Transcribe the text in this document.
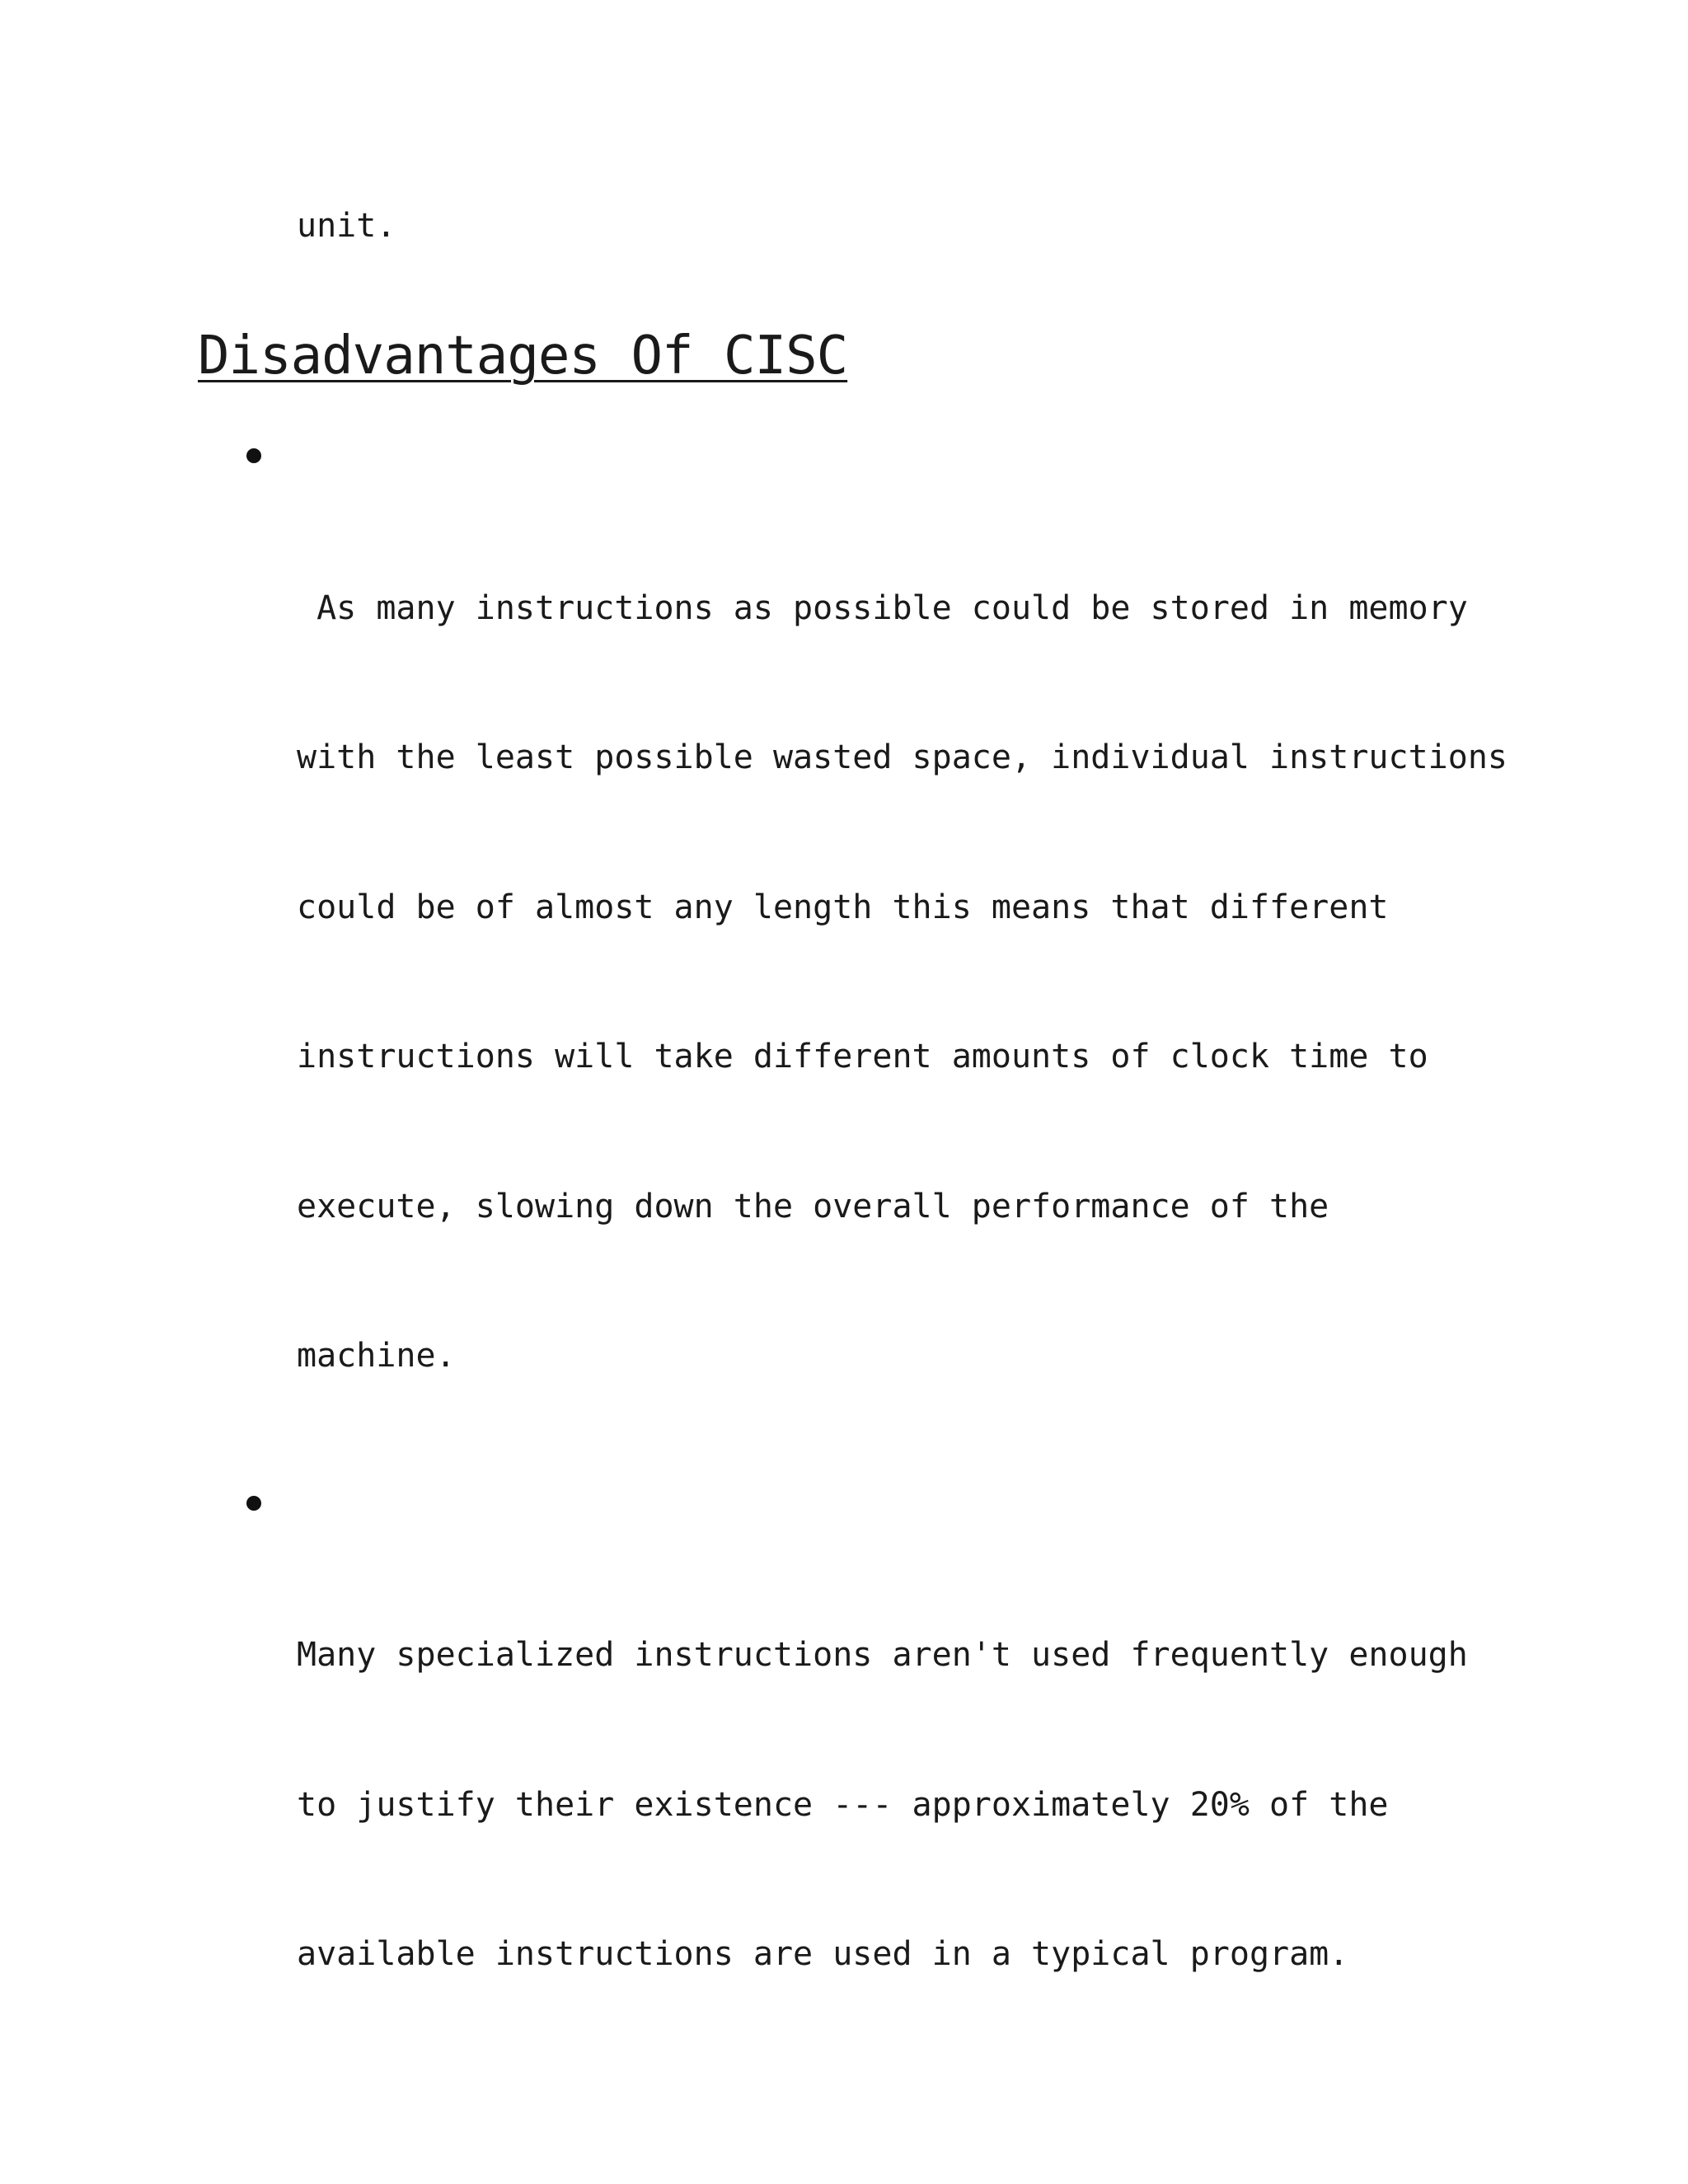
unit.
Disadvantages Of CISC

As many instructions as possible could be stored in memory

with the least possible wasted space, individual instructions

could be of almost any length this means that different

instructions will take different amounts of clock time to

execute, slowing down the overall performance of the

machine.

Many specialized instructions aren't used frequently enough

to justify their existence --- approximately 20% of the

available instructions are used in a typical program.
